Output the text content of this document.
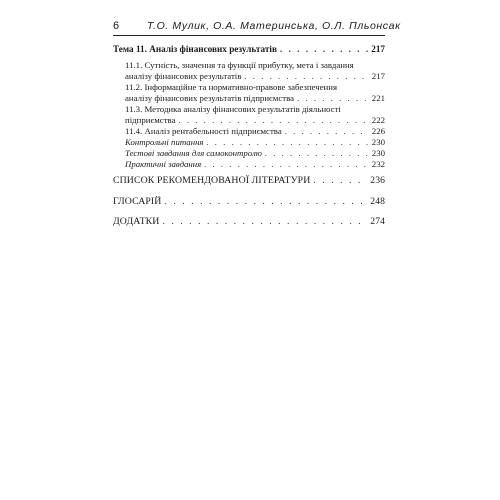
6	Т.О. Мулик, О.А. Материнська, О.Л. Пльонсак
Тема 11. Аналіз фінансових результатів . . .	217
11.1. Сутність, значення та функції прибутку, мета і завдання
аналізу фінансових результатів . . .	217
11.2. Інформаційне та нормативно-правове забезпечення
аналізу фінансових результатів підприємства . . .	221
11.3. Методика аналізу фінансових результатів діяльності
підприємства . . .	222
11.4. Аналіз рентабельності підприємства . . .	226
Контрольні питання . . .	230
Тестові завдання для самоконтролю . . .	230
Практичні завдання . . .	232
СПИСОК РЕКОМЕНДОВАНОЇ ЛІТЕРАТУРИ . . .	236
ГЛОСАРІЙ . . .	248
ДОДАТКИ . . .	274
